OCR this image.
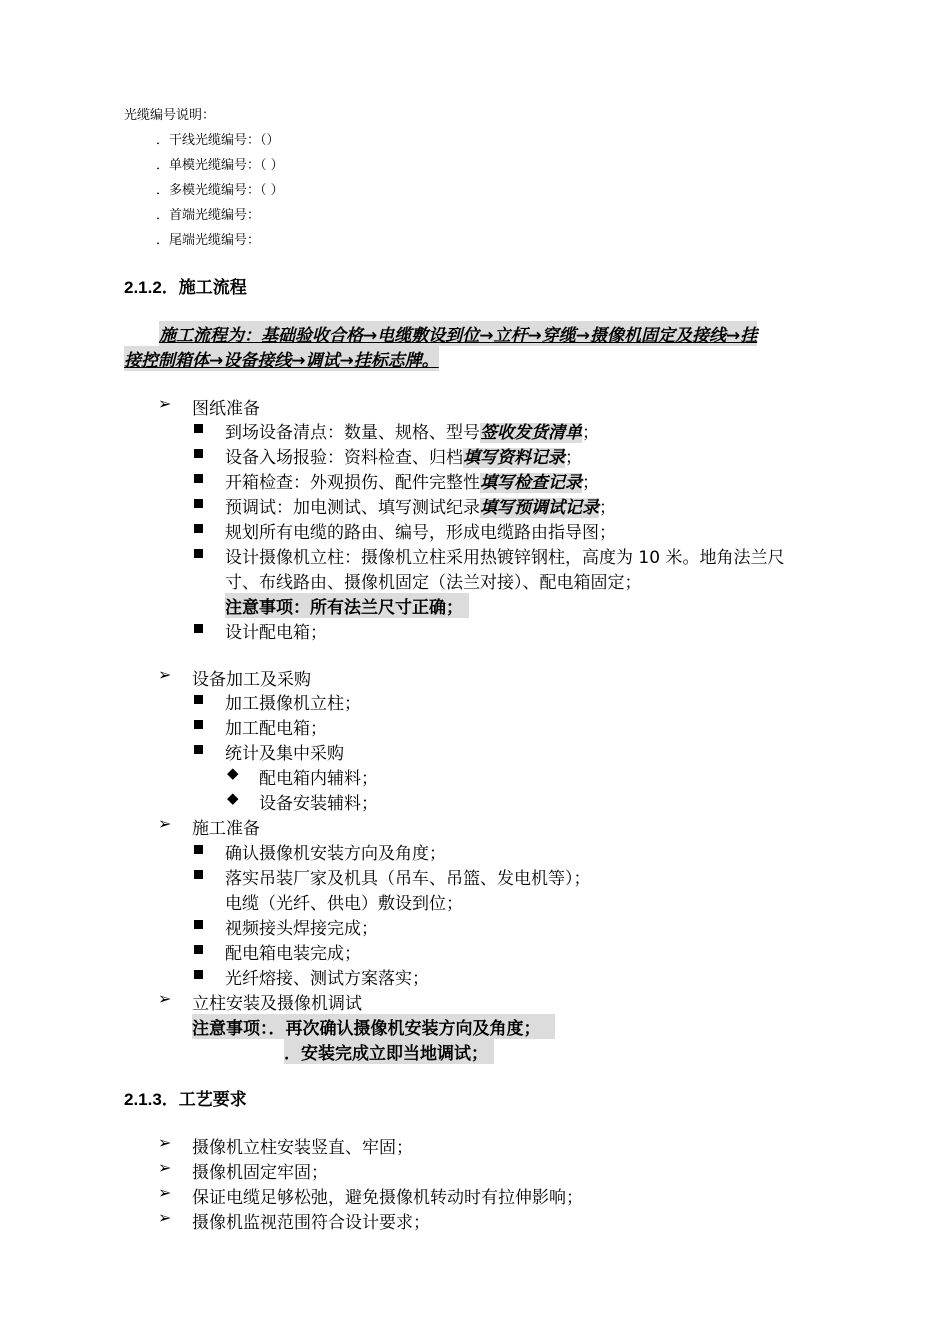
光缆编号说明：
．干线光缆编号：（）
．单模光缆编号：（ ）
．多模光缆编号：（ ）
．首端光缆编号：
．尾端光缆编号：
2.1.2．施工流程
施工流程为：基础验收合格→电缆敷设到位→立杆→穿缆→摄像机固定及接线→挂
接控制箱体→设备接线→调试→挂标志牌。
➢ 图纸准备
到场设备清点：数量、规格、型号签收发货清单；
设备入场报验：资料检查、归档填写资料记录；
开箱检查：外观损伤、配件完整性填写检查记录；
预调试：加电测试、填写测试纪录填写预调试记录；
规划所有电缆的路由、编号，形成电缆路由指导图；
设计摄像机立柱：摄像机立柱采用热镀锌钢柱，高度为 10 米。地角法兰尺
寸、布线路由、摄像机固定（法兰对接）、配电箱固定；
注意事项：所有法兰尺寸正确；
设计配电箱；
➢ 设备加工及采购
加工摄像机立柱；
加工配电箱；
统计及集中采购
◆ 配电箱内辅料；
◆ 设备安装辅料；
➢ 施工准备
确认摄像机安装方向及角度；
落实吊装厂家及机具（吊车、吊篮、发电机等）；
电缆（光纤、供电）敷设到位；
视频接头焊接完成；
配电箱电装完成；
光纤熔接、测试方案落实；
➢ 立柱安装及摄像机调试
注意事项：．再次确认摄像机安装方向及角度；
．安装完成立即当地调试；
2.1.3．工艺要求
➢ 摄像机立柱安装竖直、牢固；
➢ 摄像机固定牢固；
➢ 保证电缆足够松弛，避免摄像机转动时有拉伸影响；
➢ 摄像机监视范围符合设计要求；
